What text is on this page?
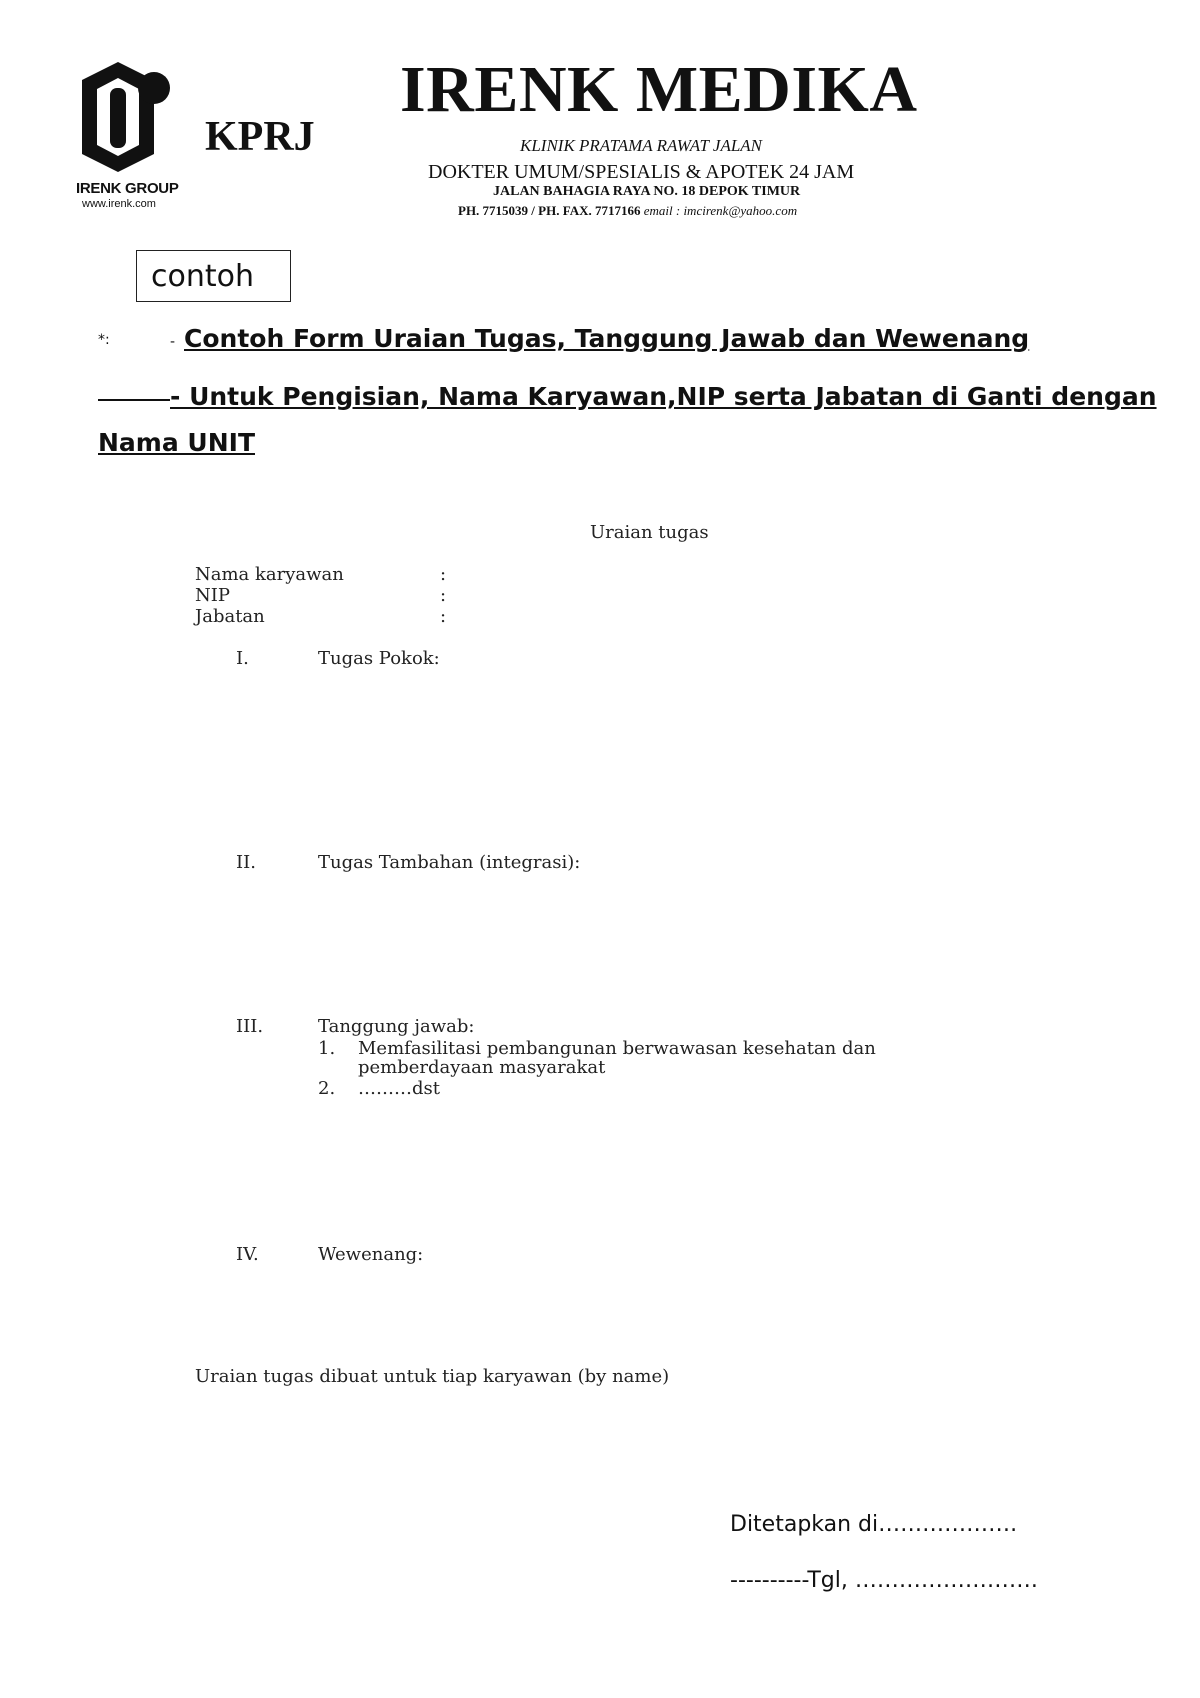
IRENK GROUP
www.irenk.com
KPRJ
IRENK MEDIKA
KLINIK PRATAMA RAWAT JALAN
DOKTER UMUM/SPESIALIS & APOTEK 24 JAM
JALAN BAHAGIA RAYA NO. 18 DEPOK TIMUR
PH. 7715039 / PH. FAX. 7717166 email : imcirenk@yahoo.com
contoh
*:	- Contoh Form Uraian Tugas, Tanggung Jawab dan Wewenang
- Untuk Pengisian, Nama Karyawan,NIP serta Jabatan di Ganti dengan Nama UNIT
Uraian tugas
Nama karyawan	:
NIP	:
Jabatan	:
I.	Tugas Pokok:
II.	Tugas Tambahan (integrasi):
III.	Tanggung jawab:
1. Memfasilitasi pembangunan berwawasan kesehatan dan
pemberdayaan masyarakat
2. ………dst
IV.	Wewenang:
Uraian tugas dibuat untuk tiap karyawan (by name)
Ditetapkan di……………….
----------Tgl, …………………….
